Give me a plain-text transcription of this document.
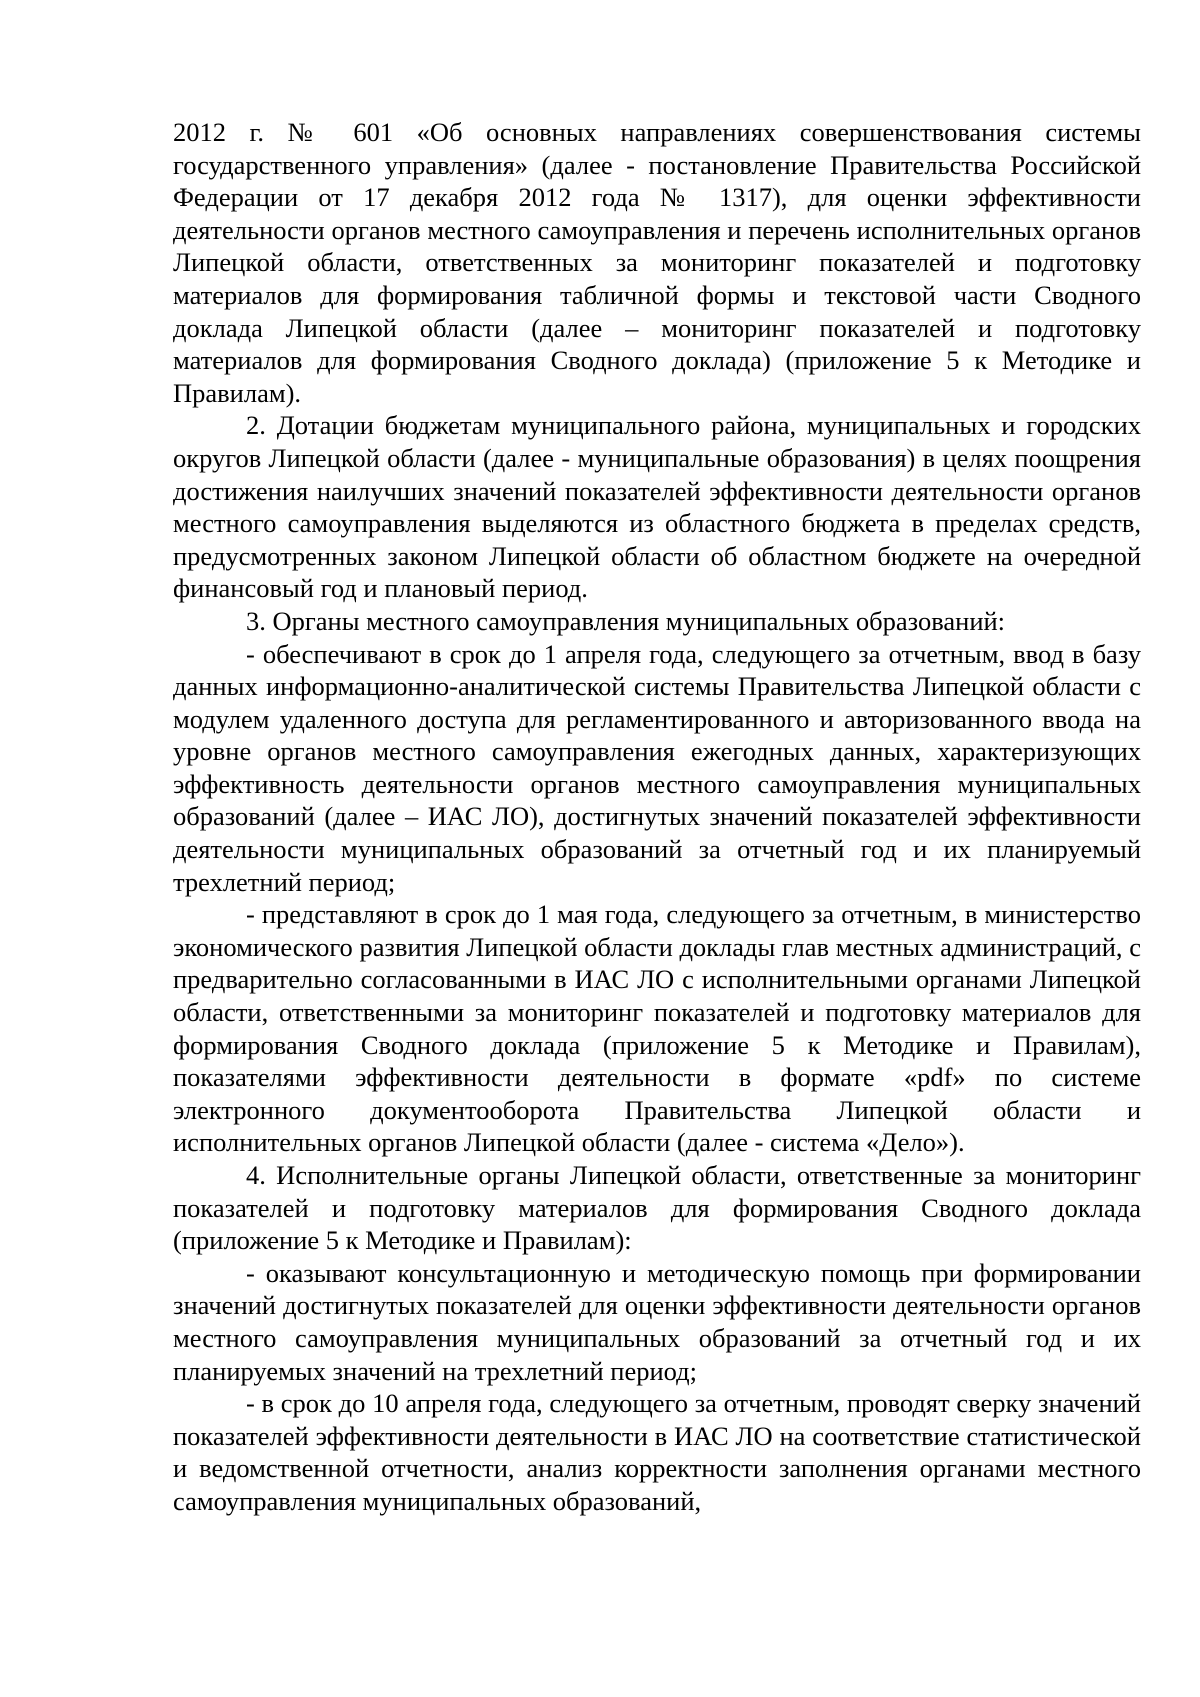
2012 г. № 601 «Об основных направлениях совершенствования системы государственного управления» (далее - постановление Правительства Российской Федерации от 17 декабря 2012 года № 1317), для оценки эффективности деятельности органов местного самоуправления и перечень исполнительных органов Липецкой области, ответственных за мониторинг показателей и подготовку материалов для формирования табличной формы и текстовой части Сводного доклада Липецкой области (далее – мониторинг показателей и подготовку материалов для формирования Сводного доклада) (приложение 5 к Методике и Правилам).

2. Дотации бюджетам муниципального района, муниципальных и городских округов Липецкой области (далее - муниципальные образования) в целях поощрения достижения наилучших значений показателей эффективности деятельности органов местного самоуправления выделяются из областного бюджета в пределах средств, предусмотренных законом Липецкой области об областном бюджете на очередной финансовый год и плановый период.

3. Органы местного самоуправления муниципальных образований:

- обеспечивают в срок до 1 апреля года, следующего за отчетным, ввод в базу данных информационно-аналитической системы Правительства Липецкой области с модулем удаленного доступа для регламентированного и авторизованного ввода на уровне органов местного самоуправления ежегодных данных, характеризующих эффективность деятельности органов местного самоуправления муниципальных образований (далее – ИАС ЛО), достигнутых значений показателей эффективности деятельности муниципальных образований за отчетный год и их планируемый трехлетний период;

- представляют в срок до 1 мая года, следующего за отчетным, в министерство экономического развития Липецкой области доклады глав местных администраций, с предварительно согласованными в ИАС ЛО с исполнительными органами Липецкой области, ответственными за мониторинг показателей и подготовку материалов для формирования Сводного доклада (приложение 5 к Методике и Правилам), показателями эффективности деятельности в формате «pdf» по системе электронного документооборота Правительства Липецкой области и исполнительных органов Липецкой области (далее - система «Дело»).

4. Исполнительные органы Липецкой области, ответственные за мониторинг показателей и подготовку материалов для формирования Сводного доклада (приложение 5 к Методике и Правилам):

- оказывают консультационную и методическую помощь при формировании значений достигнутых показателей для оценки эффективности деятельности органов местного самоуправления муниципальных образований за отчетный год и их планируемых значений на трехлетний период;

- в срок до 10 апреля года, следующего за отчетным, проводят сверку значений показателей эффективности деятельности в ИАС ЛО на соответствие статистической и ведомственной отчетности, анализ корректности заполнения органами местного самоуправления муниципальных образований,
